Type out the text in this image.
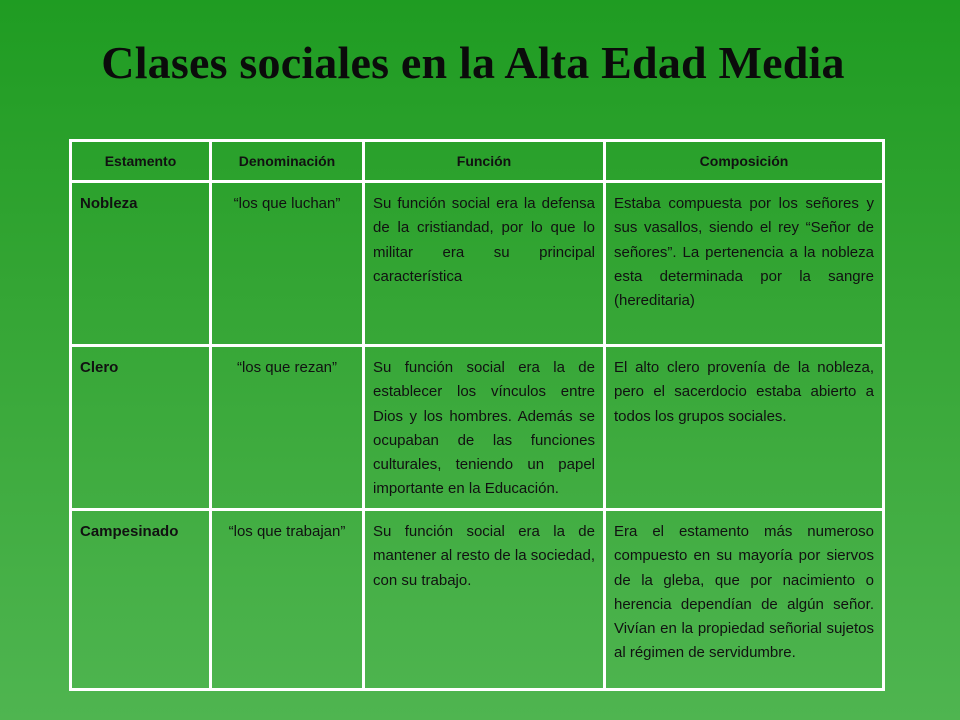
Clases sociales en la Alta Edad Media
Estamento	Denominación	Función	Composición
Nobleza	“los que luchan”	Su función social era la defensa de la cristiandad, por lo que lo militar era su principal característica	Estaba compuesta por los señores y sus vasallos, siendo el rey “Señor de señores”. La pertenencia a la nobleza esta determinada por la sangre (hereditaria)
Clero	“los que rezan”	Su función social era la de establecer los vínculos entre Dios y los hombres. Además se ocupaban de las funciones culturales, teniendo un papel importante en la Educación.	El alto clero provenía de la nobleza, pero el sacerdocio estaba abierto a todos los grupos sociales.
Campesinado	“los que trabajan”	Su función social era la de mantener al resto de la sociedad, con su trabajo.	Era el estamento más numeroso compuesto en su mayoría por siervos de la gleba, que por nacimiento o herencia dependían de algún señor. Vivían en la propiedad señorial sujetos al régimen de servidumbre.
